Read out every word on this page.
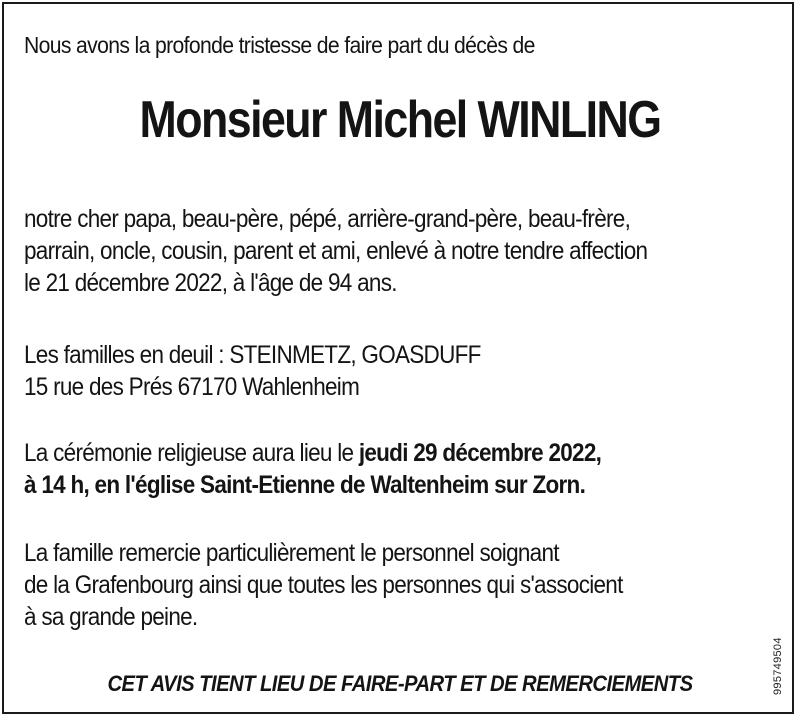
Nous avons la profonde tristesse de faire part du décès de

Monsieur Michel WINLING

notre cher papa, beau-père, pépé, arrière-grand-père, beau-frère,
parrain, oncle, cousin, parent et ami, enlevé à notre tendre affection
le 21 décembre 2022, à l'âge de 94 ans.

Les familles en deuil : STEINMETZ, GOASDUFF
15 rue des Prés 67170 Wahlenheim

La cérémonie religieuse aura lieu le jeudi 29 décembre 2022,
à 14 h, en l'église Saint-Etienne de Waltenheim sur Zorn.

La famille remercie particulièrement le personnel soignant
de la Grafenbourg ainsi que toutes les personnes qui s'associent
à sa grande peine.

CET AVIS TIENT LIEU DE FAIRE-PART ET DE REMERCIEMENTS	995749504
